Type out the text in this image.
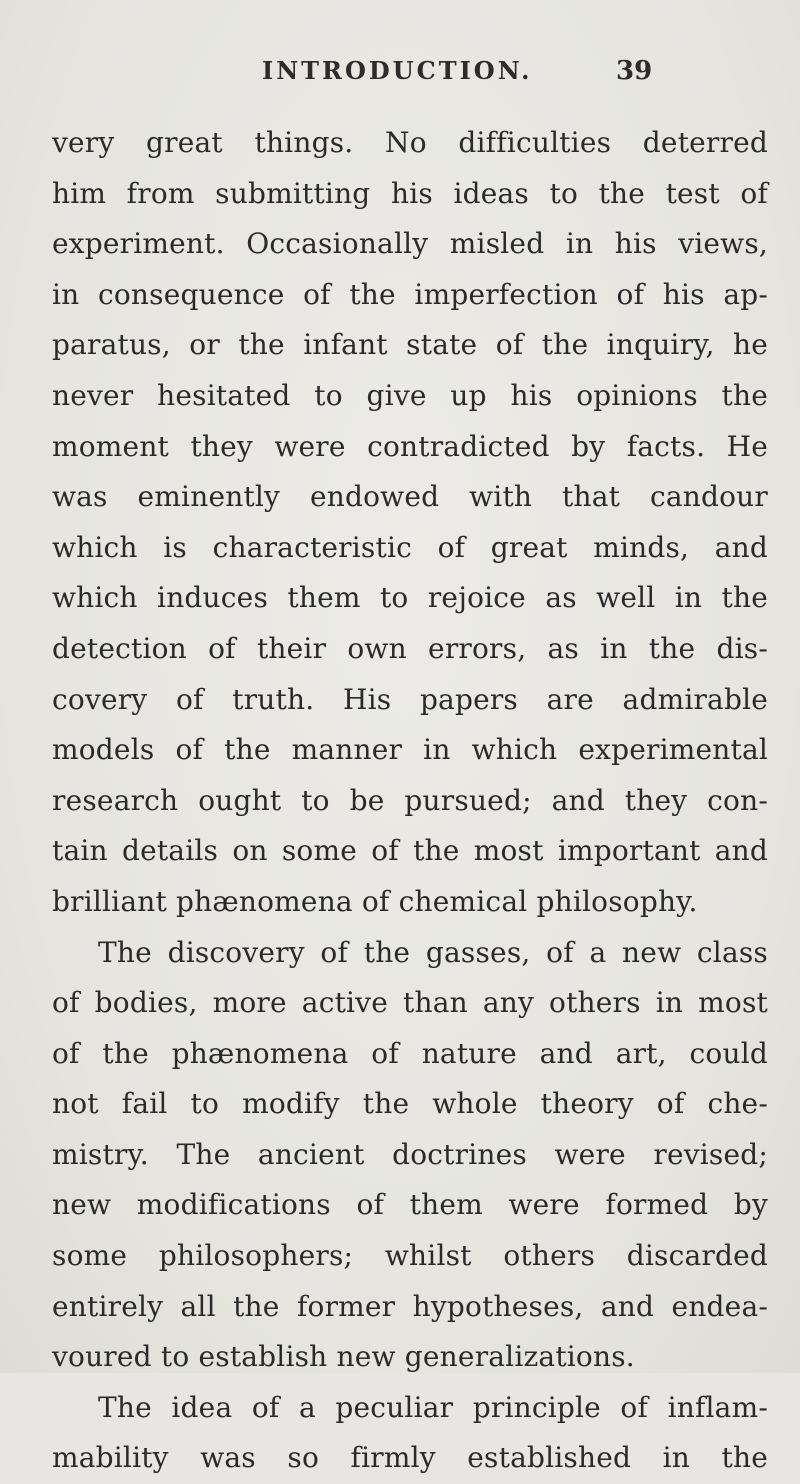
INTRODUCTION.	39
very great things. No difficulties deterred
him from submitting his ideas to the test of
experiment. Occasionally misled in his views,
in consequence of the imperfection of his ap-
paratus, or the infant state of the inquiry, he
never hesitated to give up his opinions the
moment they were contradicted by facts. He
was eminently endowed with that candour
which is characteristic of great minds, and
which induces them to rejoice as well in the
detection of their own errors, as in the dis-
covery of truth. His papers are admirable
models of the manner in which experimental
research ought to be pursued; and they con-
tain details on some of the most important and
brilliant phænomena of chemical philosophy.
The discovery of the gasses, of a new class
of bodies, more active than any others in most
of the phænomena of nature and art, could
not fail to modify the whole theory of che-
mistry. The ancient doctrines were revised;
new modifications of them were formed by
some philosophers; whilst others discarded
entirely all the former hypotheses, and endea-
voured to establish new generalizations.
The idea of a peculiar principle of inflam-
mability was so firmly established in the
